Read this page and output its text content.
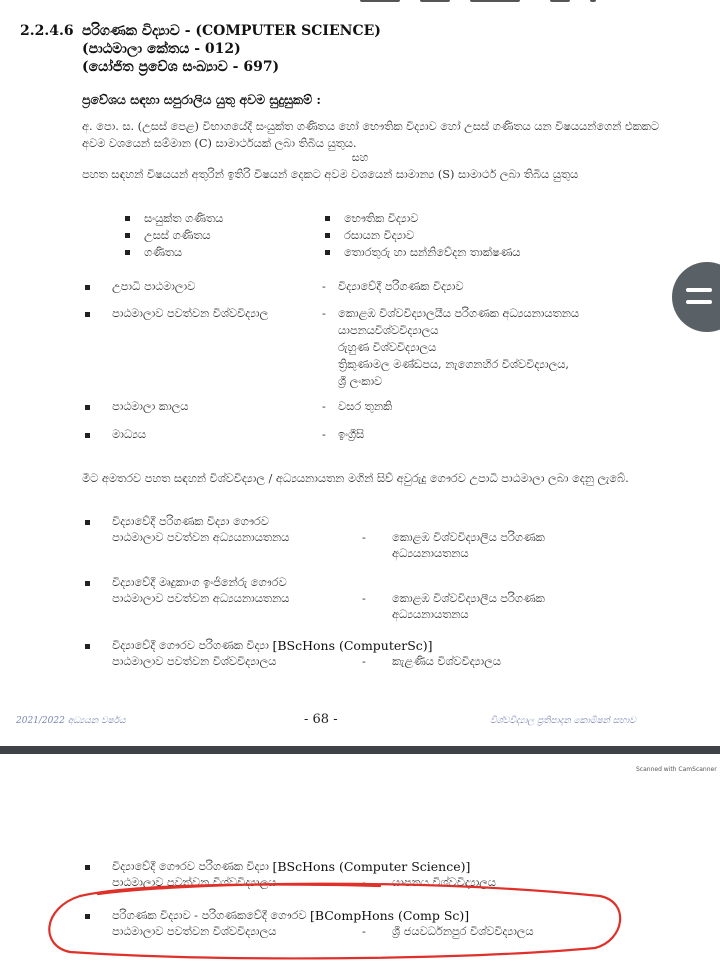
2.2.4.6 පරිගණක විද්‍යාව - (COMPUTER SCIENCE)
(පාඨමාලා කේතය - 012)
(යෝජිත ප්‍රවේශ සංඛ්‍යාව - 697)
ප්‍රවේශය සඳහා සපුරාලිය යුතු අවම සුදුසුකම් :
අ. පො. ස. (උසස් පෙළ) විභාගයේදී සංයුක්ත ගණිතය හෝ භෞතික විද්‍යාව හෝ උසස් ගණිතය යන විෂයයන්ගෙන් එකකට අවම වශයෙන් සම්මාන (C) සාමාර්ථයක් ලබා තිබිය යුතුය.
සහ
පහත සඳහන් විෂයයන් අතුරින් ඉතිරි විෂයන් දෙකට අවම වශයෙන් සාමාන්‍ය (S) සාමාර්ථ ලබා තිබිය යුතුය
සංයුක්ත ගණිතය	භෞතික විද්‍යාව
උසස් ගණිතය	රසායන විද්‍යාව
ගණිතය	තොරතුරු හා සන්නිවේදන තාක්ෂණය
උපාධි පාඨමාලාව	-	විද්‍යාවේදී පරිගණක විද්‍යාව
පාඨමාලාව පවත්වන විශ්වවිද්‍යාල	-	කොළඹ විශ්වවිද්‍යාලයීය පරිගණක අධ්‍යයනායතනය
යාපනයවිශ්වවිද්‍යාලය
රුහුණ විශ්වවිද්‍යාලය
ත්‍රිකුණාමල මණ්ඩපය, නැගෙනහිර විශ්වවිද්‍යාලය,
ශ්‍රී ලංකාව
පාඨමාලා කාලය	-	වසර තුනකි
මාධ්‍යය	-	ඉංග්‍රීසි
මීට අමතරව පහත සඳහන් විශ්වවිද්‍යාල / අධ්‍යයනායතන මගින් සිව් අවුරුදු ගෞරව උපාධි පාඨමාලා ලබා දෙනු ලැබේ.
විද්‍යාවේදී පරිගණක විද්‍යා ගෞරව
පාඨමාලාව පවත්වන අධ්‍යයනායතනය	-	කොළඹ විශ්වවිද්‍යාලීය පරිගණක
අධ්‍යයනායතනය
විද්‍යාවේදී මෘදුකාංග ඉංජිනේරු ගෞරව
පාඨමාලාව පවත්වන අධ්‍යයනායතනය	-	කොළඹ විශ්වවිද්‍යාලීය පරිගණක
අධ්‍යයනායතනය
විද්‍යාවේදී ගෞරව පරිගණක විද්‍යා
[BScHons (ComputerSc)]
පාඨමාලාව පවත්වන විශ්වවිද්‍යාලය	-	කැළණිය විශ්වවිද්‍යාලය
2021/2022 අධ්‍යයන වර්ෂය	- 68 -	විශ්වවිද්‍යාල ප්‍රතිපාදන කොමිෂන් සභාව
Scanned with CamScanner
විද්‍යාවේදී ගෞරව පරිගණක විද්‍යා
[BScHons (Computer Science)]
පාඨමාලාව පවත්වන විශ්වවිද්‍යාලය	-	යාපනය විශ්වවිද්‍යාලය
පරිගණක විද්‍යාව - පරිගණකවේදී ගෞරව
[BCompHons (Comp Sc)]
පාඨමාලාව පවත්වන විශ්වවිද්‍යාලය	-	ශ්‍රී ජයවර්ධනපුර විශ්වවිද්‍යාලය
